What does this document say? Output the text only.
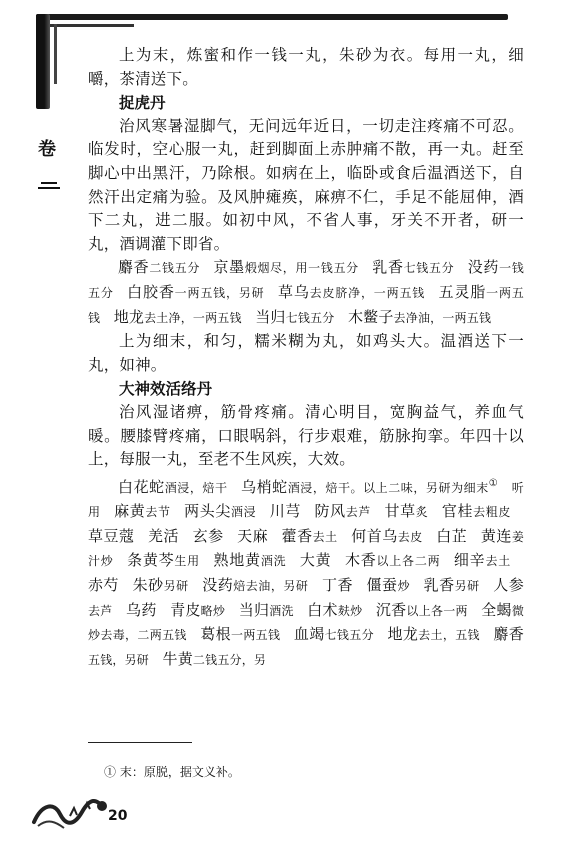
卷

上为末，炼蜜和作一钱一丸，朱砂为衣。每用一丸，细嚼，茶清送下。

捉虎丹

治风寒暑湿脚气，无问远年近日，一切走注疼痛不可忍。临发时，空心服一丸，赶到脚面上赤肿痛不散，再一丸。赶至脚心中出黑汗，乃除根。如病在上，临卧或食后温酒送下，自然汗出定痛为验。及风肿瘫痪，麻痹不仁，手足不能屈伸，酒下二丸，进二服。如初中风，不省人事，牙关不开者，研一丸，酒调灌下即省。

麝香二钱五分 京墨煅烟尽，用一钱五分 乳香七钱五分 没药一钱五分 白胶香一两五钱，另研 草乌去皮脐净，一两五钱 五灵脂一两五钱 地龙去土净，一两五钱 当归七钱五分 木鳖子去净油，一两五钱

上为细末，和匀，糯米糊为丸，如鸡头大。温酒送下一丸，如神。

大神效活络丹

治风湿诸痹，筋骨疼痛。清心明目，宽胸益气，养血气暖。腰膝臂疼痛，口眼㖞斜，行步艰难，筋脉拘挛。年四十以上，每服一丸，至老不生风疾，大效。

白花蛇酒浸，焙干 乌梢蛇酒浸，焙干。以上二味，另研为细末① 听用 麻黄去节 两头尖酒浸 川芎 防风去芦 甘草炙 官桂去粗皮草豆蔻 羌活 玄参 天麻 藿香去土 何首乌去皮 白芷 黄连姜汁炒 条黄芩生用 熟地黄酒洗 大黄 木香以上各二两 细辛去土赤芍 朱砂另研 没药焙去油，另研 丁香 僵蚕炒 乳香另研 人参去芦 乌药 青皮略炒 当归酒洗 白术麸炒 沉香以上各一两 全蝎微炒去毒，二两五钱 葛根一两五钱 血竭七钱五分 地龙去土，五钱 麝香五钱，另研 牛黄二钱五分，另

① 末：原脱，据文义补。
20
